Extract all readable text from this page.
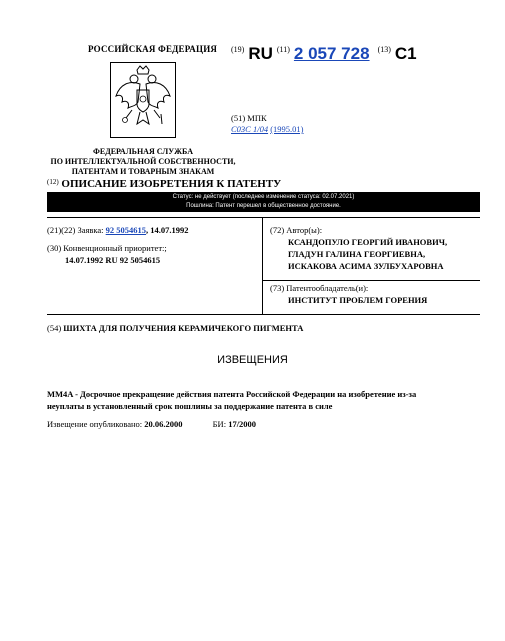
РОССИЙСКАЯ ФЕДЕРАЦИЯ
ФЕДЕРАЛЬНАЯ СЛУЖБА
ПО ИНТЕЛЛЕКТУАЛЬНОЙ СОБСТВЕННОСТИ,
ПАТЕНТАМ И ТОВАРНЫМ ЗНАКАМ
$^{(19)}$ RU $^{(11)}$ 2 057 728 $^{(13)}$ C1
(51) МПК
C03C 1/04 (1995.01)
$^{(12)}$ ОПИСАНИЕ ИЗОБРЕТЕНИЯ К ПАТЕНТУ
Статус: не действует (последнее изменение статуса: 02.07.2021)
Пошлина: Патент перешел в общественное достояние.
(21)(22) Заявка: 92 5054615, 14.07.1992
(30) Конвенционный приоритет:;
14.07.1992 RU 92 5054615
(72) Автор(ы):
КСАНДОПУЛО ГЕОРГИЙ ИВАНОВИЧ,
ГЛАДУН ГАЛИНА ГЕОРГИЕВНА,
ИСКАКОВА АСИМА ЗУЛБУХАРОВНА
(73) Патентообладатель(и):
ИНСТИТУТ ПРОБЛЕМ ГОРЕНИЯ
(54) ШИХТА ДЛЯ ПОЛУЧЕНИЯ КЕРАМИЧЕКОГО ПИГМЕНТА
ИЗВЕЩЕНИЯ
MM4A - Досрочное прекращение действия патента Российской Федерации на изобретение из-за
неуплаты в установленный срок пошлины за поддержание патента в силе
Извещение опубликовано: 20.06.2000	БИ: 17/2000
